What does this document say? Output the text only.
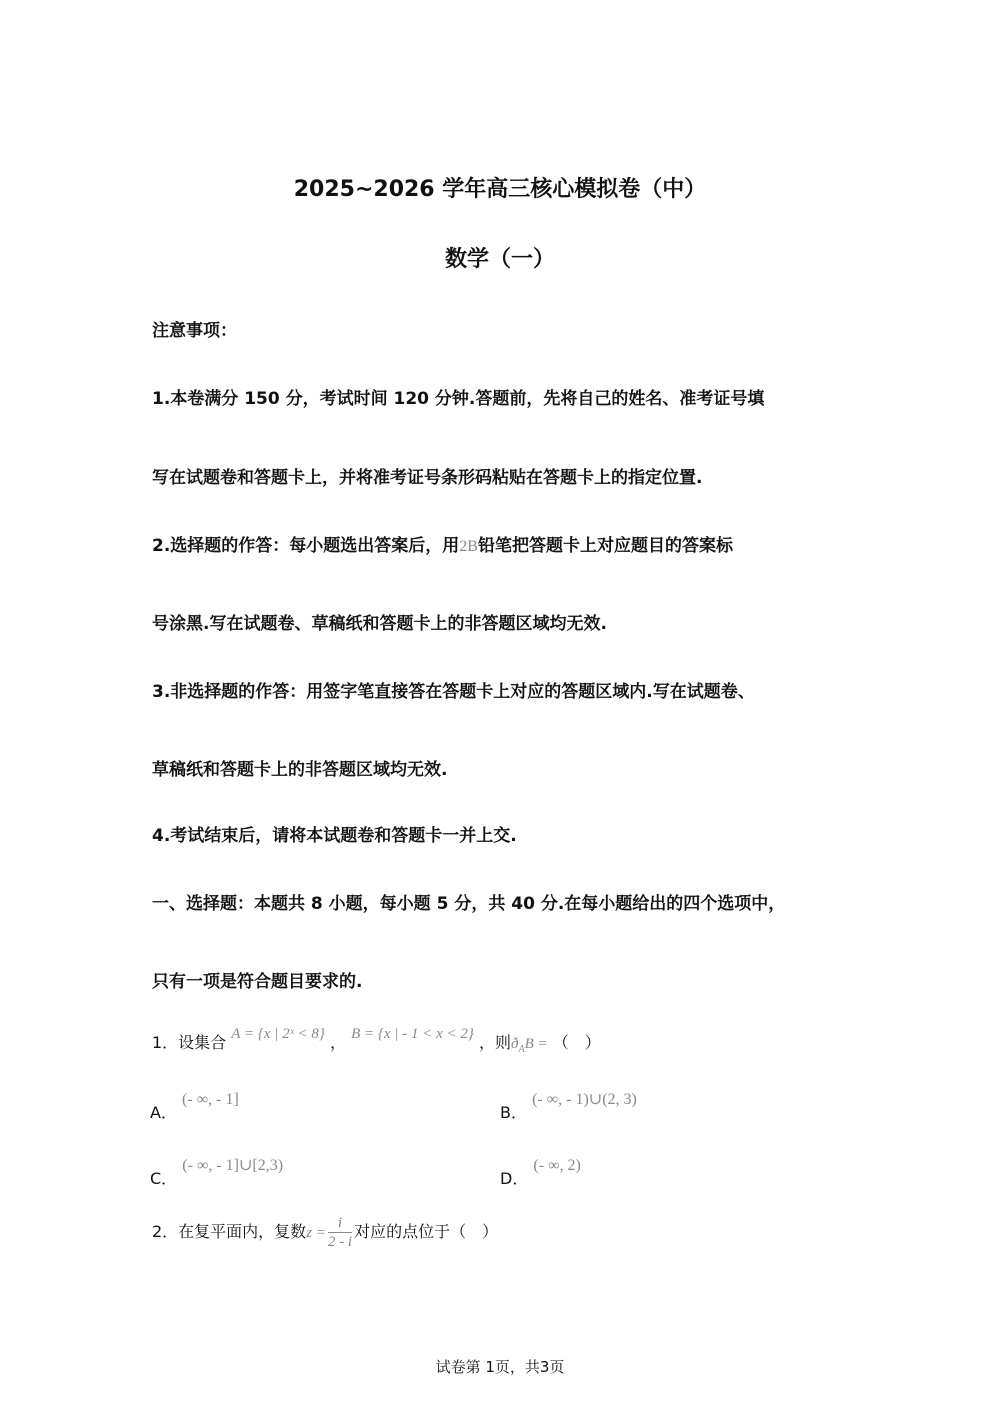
2025~2026 学年高三核心模拟卷（中）
数学（一）
注意事项：
1.本卷满分 150 分，考试时间 120 分钟.答题前，先将自己的姓名、准考证号填
写在试题卷和答题卡上，并将准考证号条形码粘贴在答题卡上的指定位置.
2.选择题的作答：每小题选出答案后，用2B铅笔把答题卡上对应题目的答案标
号涂黑.写在试题卷、草稿纸和答题卡上的非答题区域均无效.
3.非选择题的作答：用签字笔直接答在答题卡上对应的答题区域内.写在试题卷、
草稿纸和答题卡上的非答题区域均无效.
4.考试结束后，请将本试题卷和答题卡一并上交.
一、选择题：本题共 8 小题，每小题 5 分，共 40 分.在每小题给出的四个选项中，
只有一项是符合题目要求的.
1．设集合 A = {x | 2ˣ < 8} ， B = {x | - 1 < x < 2} ，则$ð_AB$ = （　）
A． (- ∞, - 1]
B． (- ∞, - 1)∪(2, 3)
C． (- ∞, - 1]∪[2,3)
D． (- ∞, 2)
2．在复平面内，复数$z = \frac{i}{2 - i}$ 对应的点位于（　）
试卷第 1页，共3页
